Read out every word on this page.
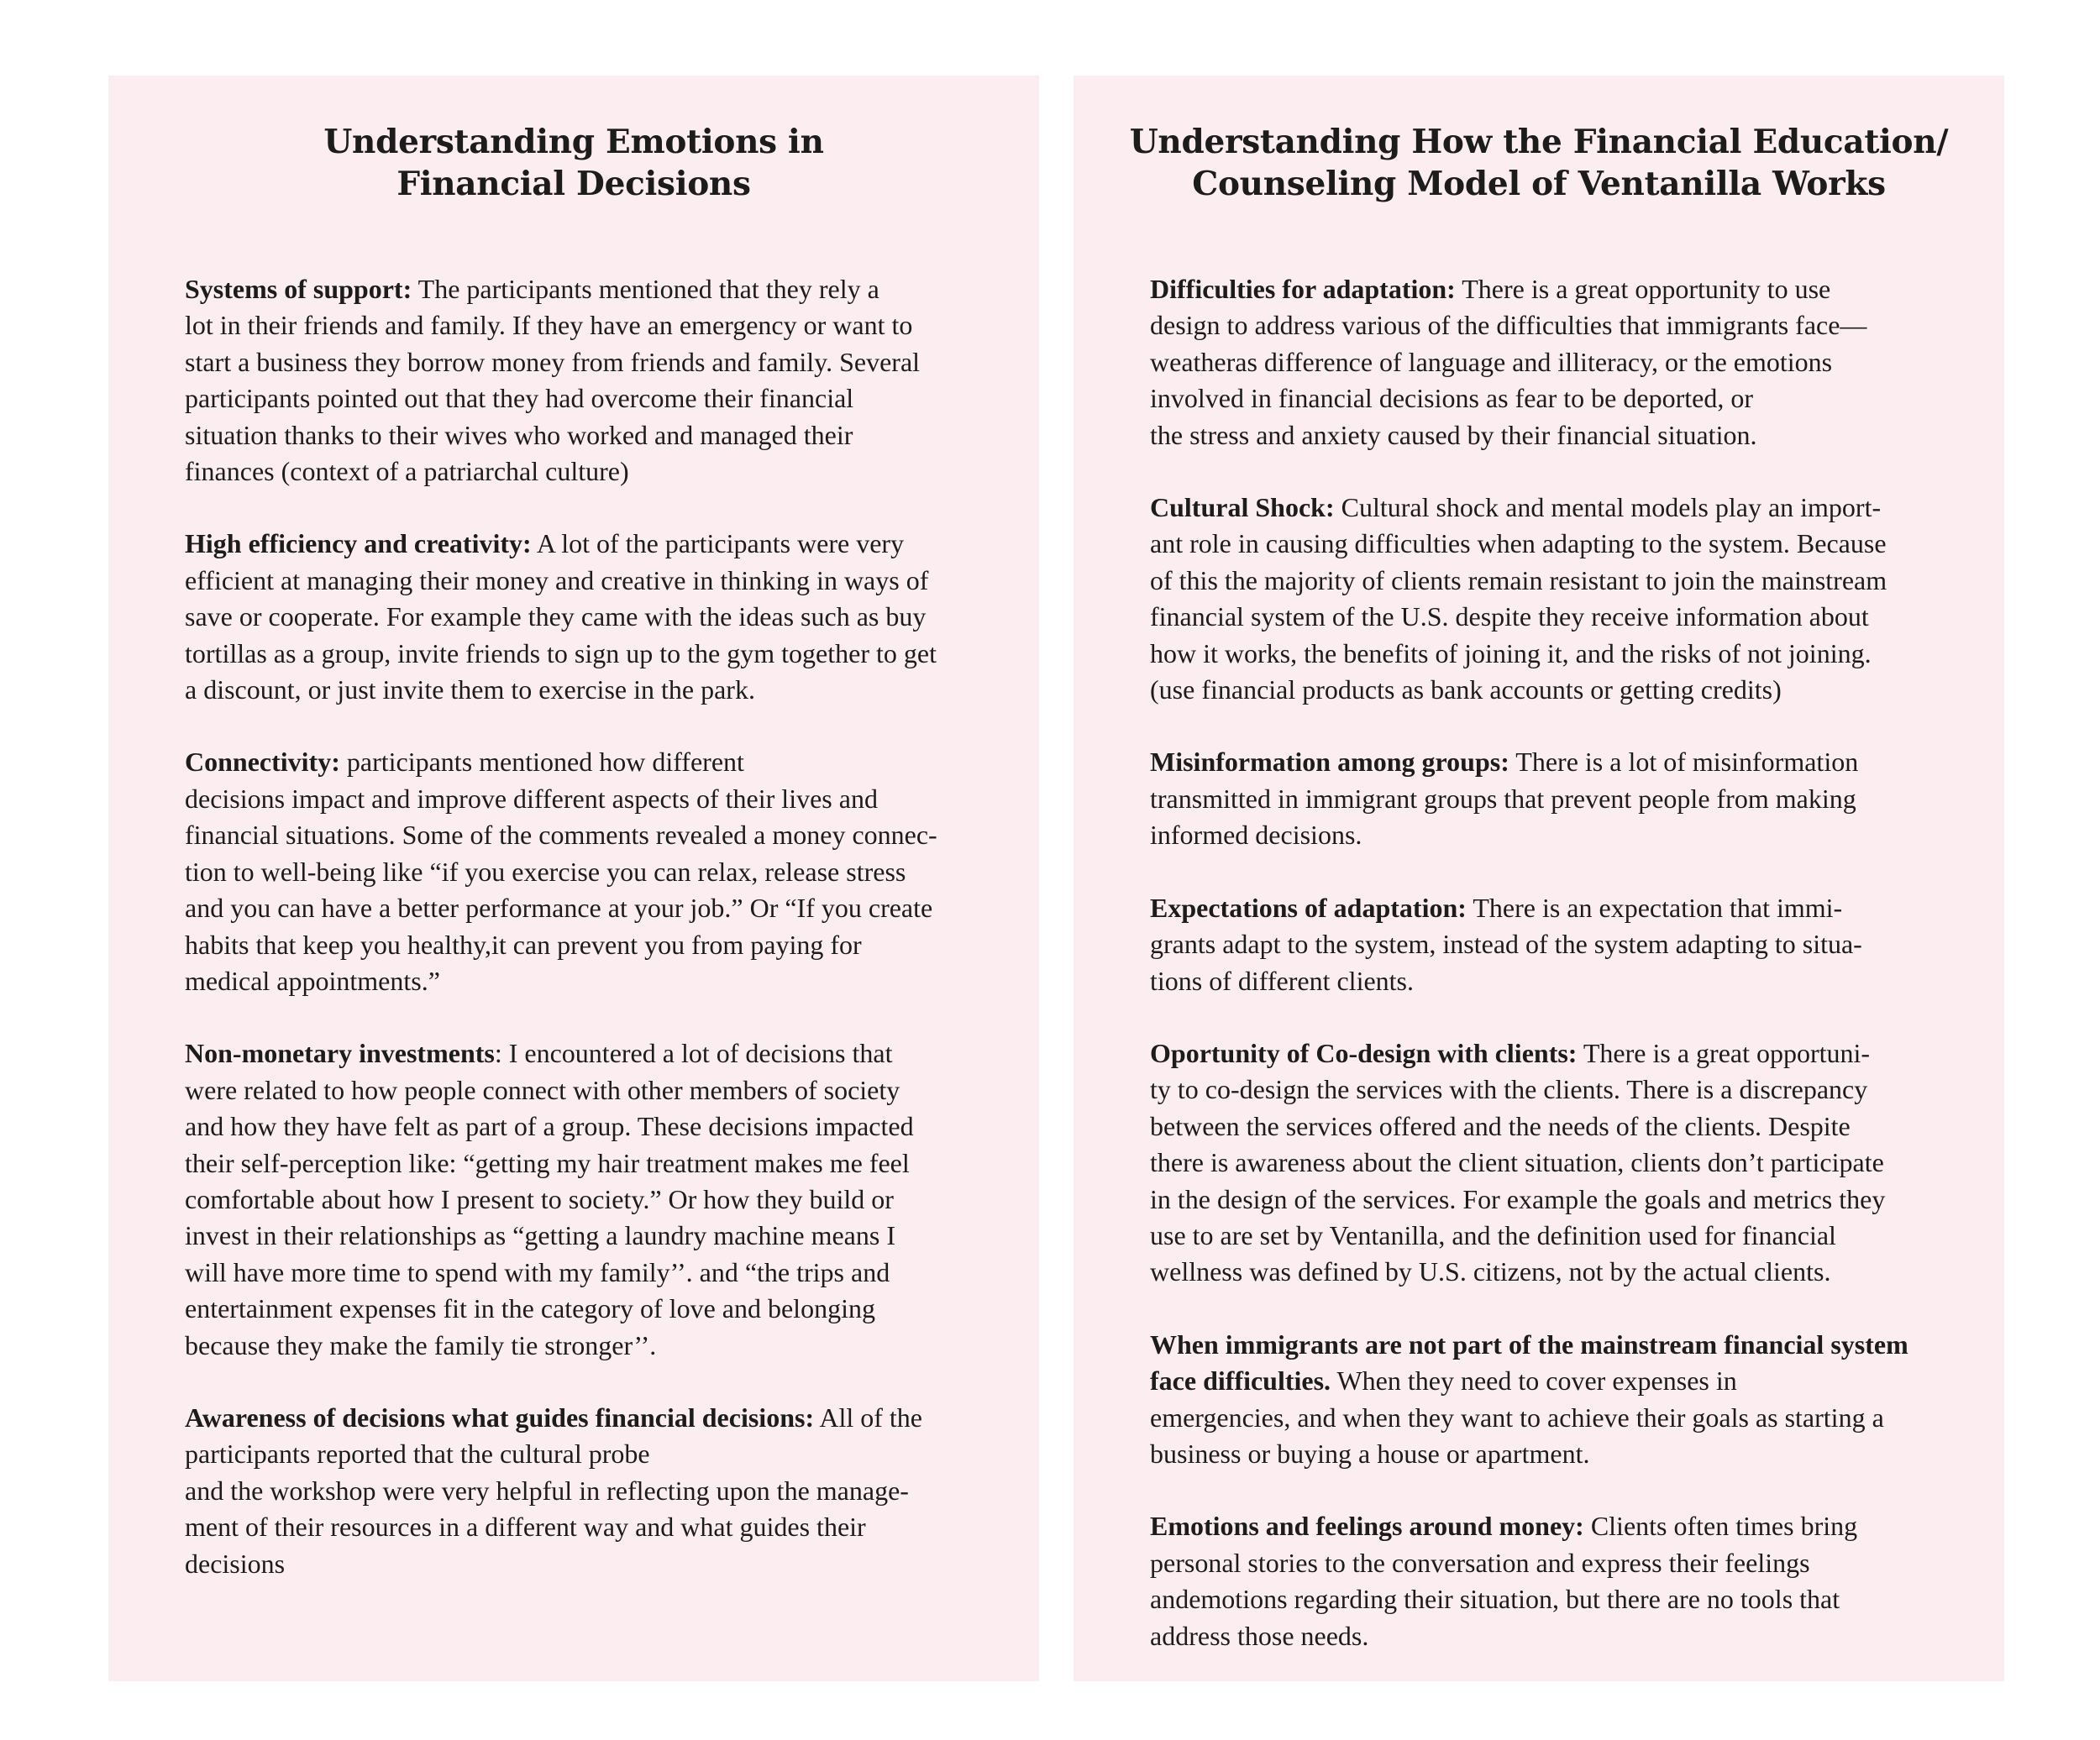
Understanding Emotions in
Financial Decisions

Systems of support: The participants mentioned that they rely a
lot in their friends and family. If they have an emergency or want to
start a business they borrow money from friends and family. Several
participants pointed out that they had overcome their financial
situation thanks to their wives who worked and managed their
finances (context of a patriarchal culture)

High efficiency and creativity: A lot of the participants were very
efficient at managing their money and creative in thinking in ways of
save or cooperate. For example they came with the ideas such as buy
tortillas as a group, invite friends to sign up to the gym together to get
a discount, or just invite them to exercise in the park.

Connectivity: participants mentioned how different
decisions impact and improve different aspects of their lives and
financial situations. Some of the comments revealed a money connec-
tion to well-being like “if you exercise you can relax, release stress
and you can have a better performance at your job.” Or “If you create
habits that keep you healthy,it can prevent you from paying for
medical appointments.”

Non-monetary investments: I encountered a lot of decisions that
were related to how people connect with other members of society
and how they have felt as part of a group. These decisions impacted
their self-perception like: “getting my hair treatment makes me feel
comfortable about how I present to society.” Or how they build or
invest in their relationships as “getting a laundry machine means I
will have more time to spend with my family’’. and “the trips and
entertainment expenses fit in the category of love and belonging
because they make the family tie stronger’’.

Awareness of decisions what guides financial decisions: All of the participants reported that the cultural probe
and the workshop were very helpful in reflecting upon the manage-
ment of their resources in a different way and what guides their
decisions

Understanding How the Financial Education/
Counseling Model of Ventanilla Works

Difficulties for adaptation: There is a great opportunity to use
design to address various of the difficulties that immigrants face—
weatheras difference of language and illiteracy, or the emotions
involved in financial decisions as fear to be deported, or
the stress and anxiety caused by their financial situation.

Cultural Shock: Cultural shock and mental models play an import-
ant role in causing difficulties when adapting to the system. Because
of this the majority of clients remain resistant to join the mainstream
financial system of the U.S. despite they receive information about
how it works, the benefits of joining it, and the risks of not joining.
(use financial products as bank accounts or getting credits)

Misinformation among groups: There is a lot of misinformation
transmitted in immigrant groups that prevent people from making
informed decisions.

Expectations of adaptation: There is an expectation that immi-
grants adapt to the system, instead of the system adapting to situa-
tions of different clients.

Oportunity of Co-design with clients: There is a great opportuni-
ty to co-design the services with the clients. There is a discrepancy
between the services offered and the needs of the clients. Despite
there is awareness about the client situation, clients don’t participate
in the design of the services. For example the goals and metrics they
use to are set by Ventanilla, and the definition used for financial
wellness was defined by U.S. citizens, not by the actual clients.

When immigrants are not part of the mainstream financial system face difficulties. When they need to cover expenses in
emergencies, and when they want to achieve their goals as starting a
business or buying a house or apartment.

Emotions and feelings around money: Clients often times bring
personal stories to the conversation and express their feelings
andemotions regarding their situation, but there are no tools that
address those needs.
